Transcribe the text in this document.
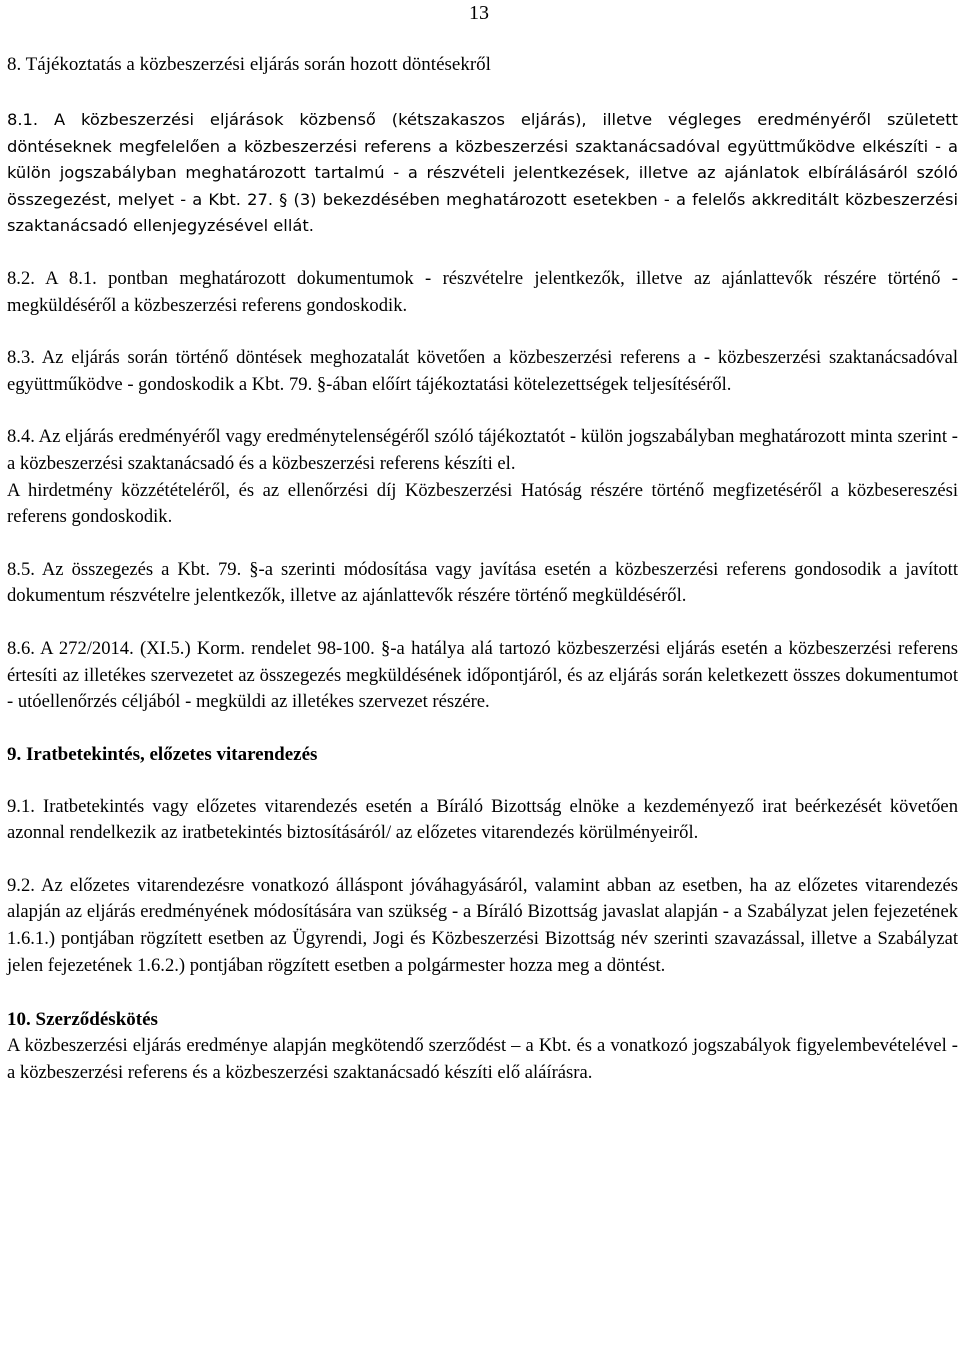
13

8. Tájékoztatás a közbeszerzési eljárás során hozott döntésekről

8.1. A közbeszerzési eljárások közbenső (kétszakaszos eljárás), illetve végleges eredményéről született döntéseknek megfelelően a közbeszerzési referens a közbeszerzési szaktanácsadóval együttműködve elkészíti - a külön jogszabályban meghatározott tartalmú - a részvételi jelentkezések, illetve az ajánlatok elbírálásáról szóló összegezést, melyet - a Kbt. 27. § (3) bekezdésében meghatározott esetekben - a felelős akkreditált közbeszerzési szaktanácsadó ellenjegyzésével ellát.

8.2. A 8.1. pontban meghatározott dokumentumok - részvételre jelentkezők, illetve az ajánlattevők részére történő - megküldéséről a közbeszerzési referens gondoskodik.

8.3. Az eljárás során történő döntések meghozatalát követően a közbeszerzési referens a - közbeszerzési szaktanácsadóval együttműködve - gondoskodik a Kbt. 79. §-ában előírt tájékoztatási kötelezettségek teljesítéséről.

8.4. Az eljárás eredményéről vagy eredménytelenségéről szóló tájékoztatót - külön jogszabályban meghatározott minta szerint - a közbeszerzési szaktanácsadó és a közbeszerzési referens készíti el.

A hirdetmény közzétételéről, és az ellenőrzési díj Közbeszerzési Hatóság részére történő megfizetéséről a közbesereszési referens gondoskodik.

8.5. Az összegezés a Kbt. 79. §-a szerinti módosítása vagy javítása esetén a közbeszerzési referens gondosodik a javított dokumentum részvételre jelentkezők, illetve az ajánlattevők részére történő megküldéséről.

8.6. A 272/2014. (XI.5.) Korm. rendelet 98-100. §-a hatálya alá tartozó közbeszerzési eljárás esetén a közbeszerzési referens értesíti az illetékes szervezetet az összegezés megküldésének időpontjáról, és az eljárás során keletkezett összes dokumentumot - utóellenőrzés céljából - megküldi az illetékes szervezet részére.

9. Iratbetekintés, előzetes vitarendezés

9.1. Iratbetekintés vagy előzetes vitarendezés esetén a Bíráló Bizottság elnöke a kezdeményező irat beérkezését követően azonnal rendelkezik az iratbetekintés biztosításáról/ az előzetes vitarendezés körülményeiről.

9.2. Az előzetes vitarendezésre vonatkozó álláspont jóváhagyásáról, valamint abban az esetben, ha az előzetes vitarendezés alapján az eljárás eredményének módosítására van szükség - a Bíráló Bizottság javaslat alapján - a Szabályzat jelen fejezetének 1.6.1.) pontjában rögzített esetben az Ügyrendi, Jogi és Közbeszerzési Bizottság név szerinti szavazással, illetve a Szabályzat jelen fejezetének 1.6.2.) pontjában rögzített esetben a polgármester hozza meg a döntést.

10. Szerződéskötés

A közbeszerzési eljárás eredménye alapján megkötendő szerződést – a Kbt. és a vonatkozó jogszabályok figyelembevételével - a közbeszerzési referens és a közbeszerzési szaktanácsadó készíti elő aláírásra.
